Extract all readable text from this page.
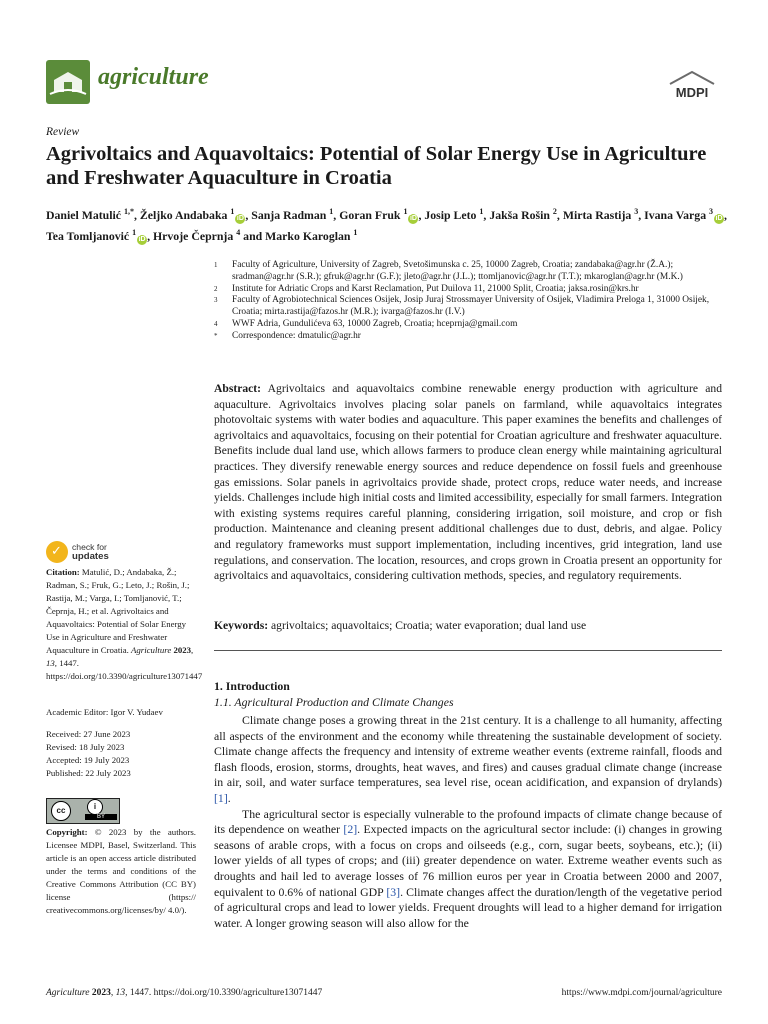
agriculture
MDPI
Review
Agrivoltaics and Aquavoltaics: Potential of Solar Energy Use in Agriculture and Freshwater Aquaculture in Croatia
Daniel Matulić $^{1,*}$, Željko Andabaka $^1$iD , Sanja Radman $^1$, Goran Fruk $^1$iD , Josip Leto $^1$, Jakša Rošin $^2$, Mirta Rastija $^3$, Ivana Varga $^3$iD , Tea Tomljanović $^1$iD , Hrvoje Čeprnja $^4$ and Marko Karoglan $^1$
1	Faculty of Agriculture, University of Zagreb, Svetošimunska c. 25, 10000 Zagreb, Croatia; zandabaka@agr.hr (Ž.A.); sradman@agr.hr (S.R.); gfruk@agr.hr (G.F.); jleto@agr.hr (J.L.); ttomljanovic@agr.hr (T.T.); mkaroglan@agr.hr (M.K.)
2	Institute for Adriatic Crops and Karst Reclamation, Put Duilova 11, 21000 Split, Croatia; jaksa.rosin@krs.hr
3	Faculty of Agrobiotechnical Sciences Osijek, Josip Juraj Strossmayer University of Osijek, Vladimira Preloga 1, 31000 Osijek, Croatia; mirta.rastija@fazos.hr (M.R.); ivarga@fazos.hr (I.V.)
4	WWF Adria, Gundulićeva 63, 10000 Zagreb, Croatia; hceprnja@gmail.com
*	Correspondence: dmatulic@agr.hr
Abstract: Agrivoltaics and aquavoltaics combine renewable energy production with agriculture and aquaculture. Agrivoltaics involves placing solar panels on farmland, while aquavoltaics integrates photovoltaic systems with water bodies and aquaculture. This paper examines the benefits and challenges of agrivoltaics and aquavoltaics, focusing on their potential for Croatian agriculture and freshwater aquaculture. Benefits include dual land use, which allows farmers to produce clean energy while maintaining agricultural practices. They diversify renewable energy sources and reduce dependence on fossil fuels and greenhouse gas emissions. Solar panels in agrivoltaics provide shade, protect crops, reduce water needs, and increase yields. Challenges include high initial costs and limited accessibility, especially for small farmers. Integration with existing systems requires careful planning, considering irrigation, soil moisture, and crop or fish production. Maintenance and cleaning present additional challenges due to dust, debris, and algae. Policy and regulatory frameworks must support implementation, including incentives, grid integration, land use regulations, and conservation. The location, resources, and crops grown in Croatia present an opportunity for agrivoltaics and aquavoltaics, considering cultivation methods, species, and regulatory requirements.
Keywords: agrivoltaics; aquavoltaics; Croatia; water evaporation; dual land use
1. Introduction
1.1. Agricultural Production and Climate Changes

Climate change poses a growing threat in the 21st century. It is a challenge to all humanity, affecting all aspects of the environment and the economy while threatening the sustainable development of society. Climate change affects the frequency and intensity of extreme weather events (extreme rainfall, floods and flash floods, erosion, storms, droughts, heat waves, and fires) and causes gradual climate change (increase in air, soil, and water surface temperatures, sea level rise, ocean acidification, and expansion of drylands) [1].

The agricultural sector is especially vulnerable to the profound impacts of climate change because of its dependence on weather [2]. Expected impacts on the agricultural sector include: (i) changes in growing seasons of arable crops, with a focus on crops and oilseeds (e.g., corn, sugar beets, soybeans, etc.); (ii) lower yields of all types of crops; and (iii) greater dependence on water. Extreme weather events such as droughts and hail led to average losses of 76 million euros per year in Croatia between 2000 and 2007, equivalent to 0.6% of national GDP [3]. Climate changes affect the duration/length of the vegetative period of agricultural crops and lead to lower yields. Frequent droughts will lead to a higher demand for irrigation water. A longer growing season will also allow for the

✓ check for
updates
Citation: Matulić, D.; Andabaka, Ž.; Radman, S.; Fruk, G.; Leto, J.; Rošin, J.; Rastija, M.; Varga, I.; Tomljanović, T.; Čeprnja, H.; et al. Agrivoltaics and Aquavoltaics: Potential of Solar Energy Use in Agriculture and Freshwater Aquaculture in Croatia. Agriculture 2023, 13, 1447. https://doi.org/10.3390/agriculture13071447
Academic Editor: Igor V. Yudaev
Received: 27 June 2023
Revised: 18 July 2023
Accepted: 19 July 2023
Published: 22 July 2023
cc	i
BY
Copyright: © 2023 by the authors. Licensee MDPI, Basel, Switzerland. This article is an open access article distributed under the terms and conditions of the Creative Commons Attribution (CC BY) license (https:// creativecommons.org/licenses/by/ 4.0/).
Agriculture 2023, 13, 1447. https://doi.org/10.3390/agriculture13071447	https://www.mdpi.com/journal/agriculture
